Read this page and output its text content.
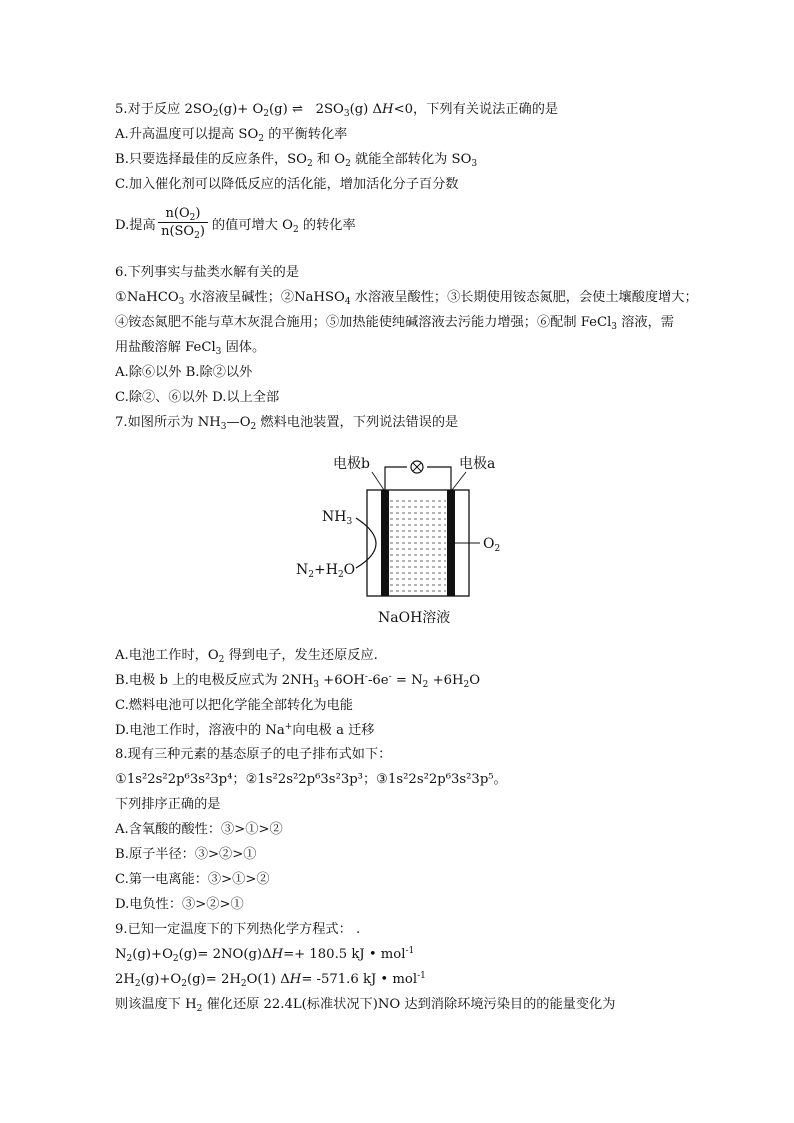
5.对于反应 $2SO_2(g)+ O_2(g)$ ⇌ $2SO_3(g)$ ΔH<0，下列有关说法正确的是
A.升高温度可以提高 $SO_2$ 的平衡转化率
B.只要选择最佳的反应条件，$SO_2$ 和 $O_2$ 就能全部转化为 $SO_3$
C.加入催化剂可以降低反应的活化能，增加活化分子百分数
D.提高 $\frac{n(O_2)}{n(SO_2)}$ 的值可增大 $O_2$ 的转化率
6.下列事实与盐类水解有关的是
①NaHCO$_3$ 水溶液呈碱性；②NaHSO$_4$ 水溶液呈酸性；③长期使用铵态氮肥，会使土壤酸度增大；
④铵态氮肥不能与草木灰混合施用；⑤加热能使纯碱溶液去污能力增强；⑥配制 FeCl$_3$ 溶液，需
用盐酸溶解 FeCl$_3$ 固体。
A.除⑥以外 B.除②以外
C.除②、⑥以外 D.以上全部
7.如图所示为 $NH_3—O_2$ 燃料电池装置，下列说法错误的是
电极b	电极a
$NH_3$
$O_2$
$N_2+H_2O$
NaOH溶液
A.电池工作时，$O_2$ 得到电子，发生还原反应.
B.电极 b 上的电极反应式为 $2NH_3 +6OH^--6e^- = N_2 +6H_2O$
C.燃料电池可以把化学能全部转化为电能
D.电池工作时，溶液中的 Na+向电极 a 迁移
8.现有三种元素的基态原子的电子排布式如下：
①1s²2s²2p⁶3s²3p⁴；②1s²2s²2p⁶3s²3p³；③1s²2s²2p⁶3s²3p⁵。
下列排序正确的是
A.含氧酸的酸性：③>①>②
B.原子半径：③>②>①
C.第一电离能：③>①>②
D.电负性：③>②>①
9.已知一定温度下的下列热化学方程式： .
$N_2(g)+O_2(g)= 2NO(g)\Delta H=+ 180.5$ kJ • mol$^{-1}$
$2H_2(g)+O_2(g)= 2H_2O(1)$ ΔH= -571.6 kJ • mol$^{-1}$
则该温度下 $H_2$ 催化还原 22.4L(标准状况下)NO 达到消除环境污染目的的能量变化为
